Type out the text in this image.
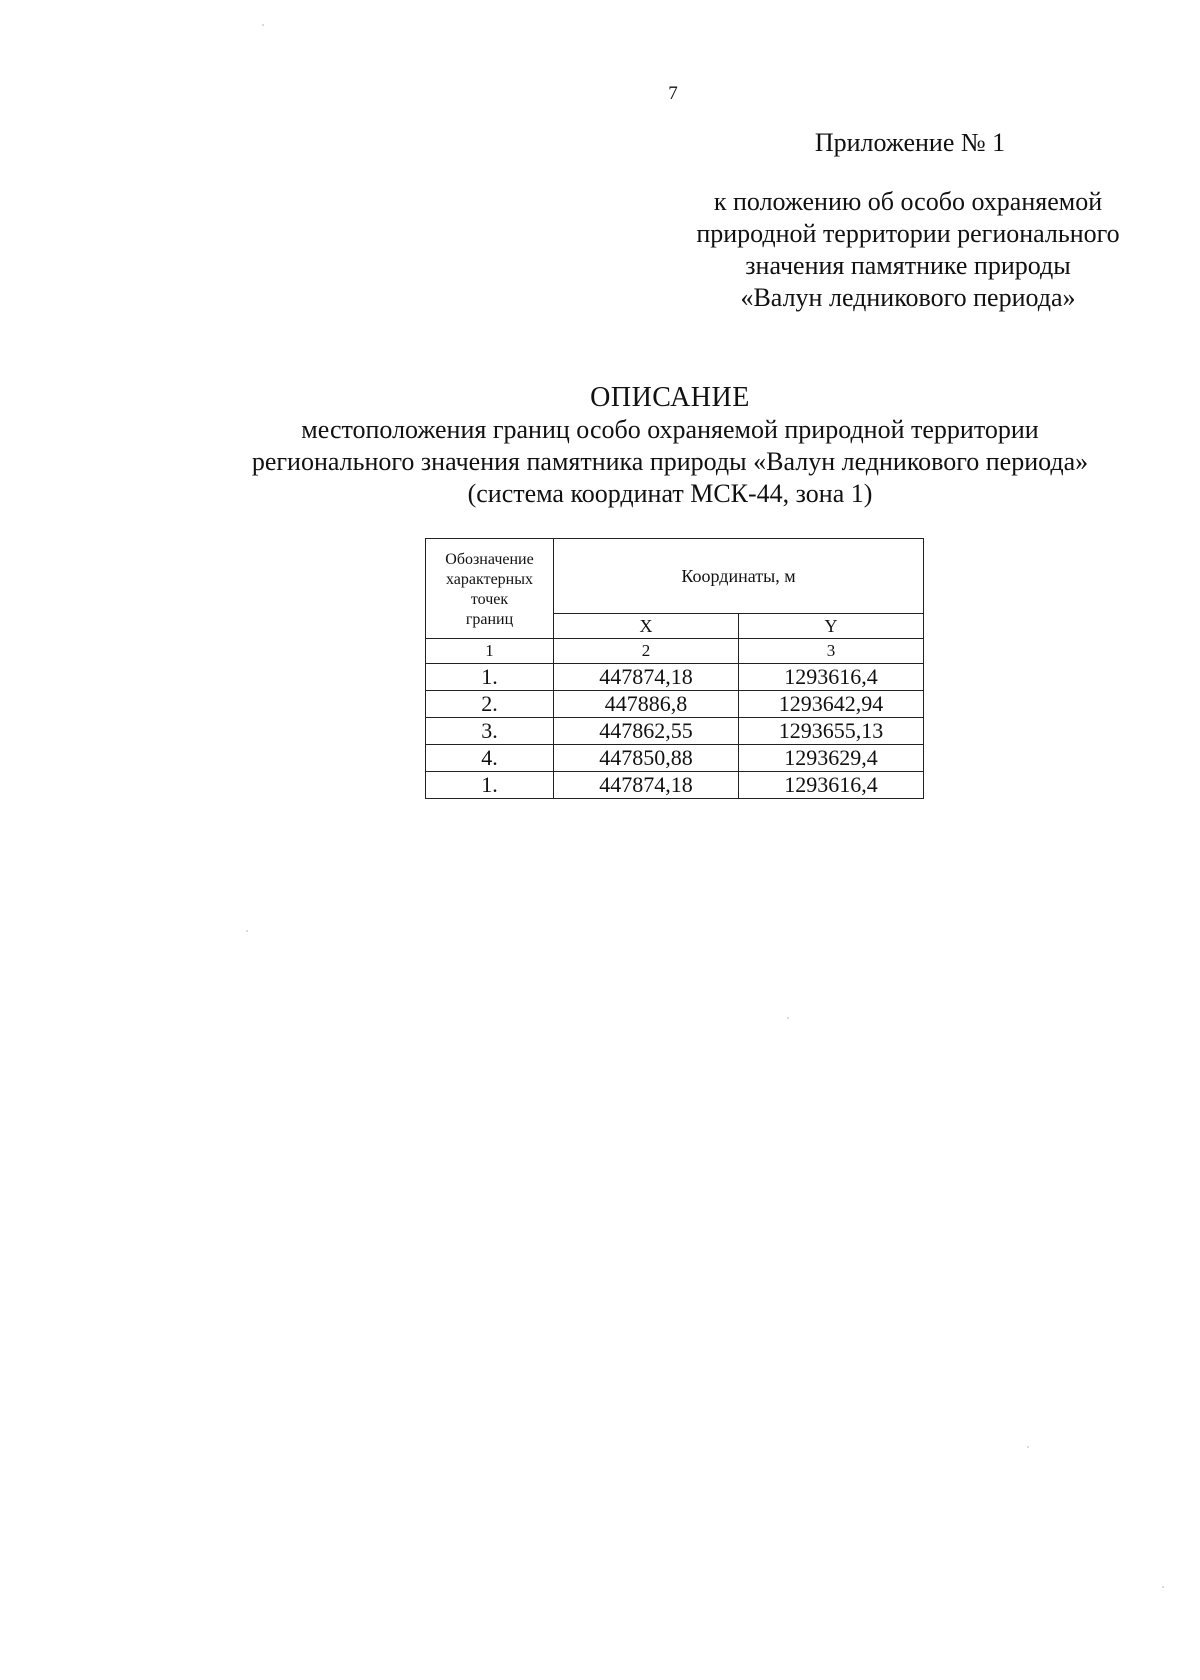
7
Приложение № 1
к положению об особо охраняемой
природной территории регионального
значения памятнике природы
«Валун ледникового периода»
ОПИСАНИЕ
местоположения границ особо охраняемой природной территории
регионального значения памятника природы «Валун ледникового периода»
(система координат МСК-44, зона 1)
Обозначение
характерных
точек
границ	Координаты, м	
	X	Y
1	2	3
1.	447874,18	1293616,4
2.	447886,8	1293642,94
3.	447862,55	1293655,13
4.	447850,88	1293629,4
1.	447874,18	1293616,4
